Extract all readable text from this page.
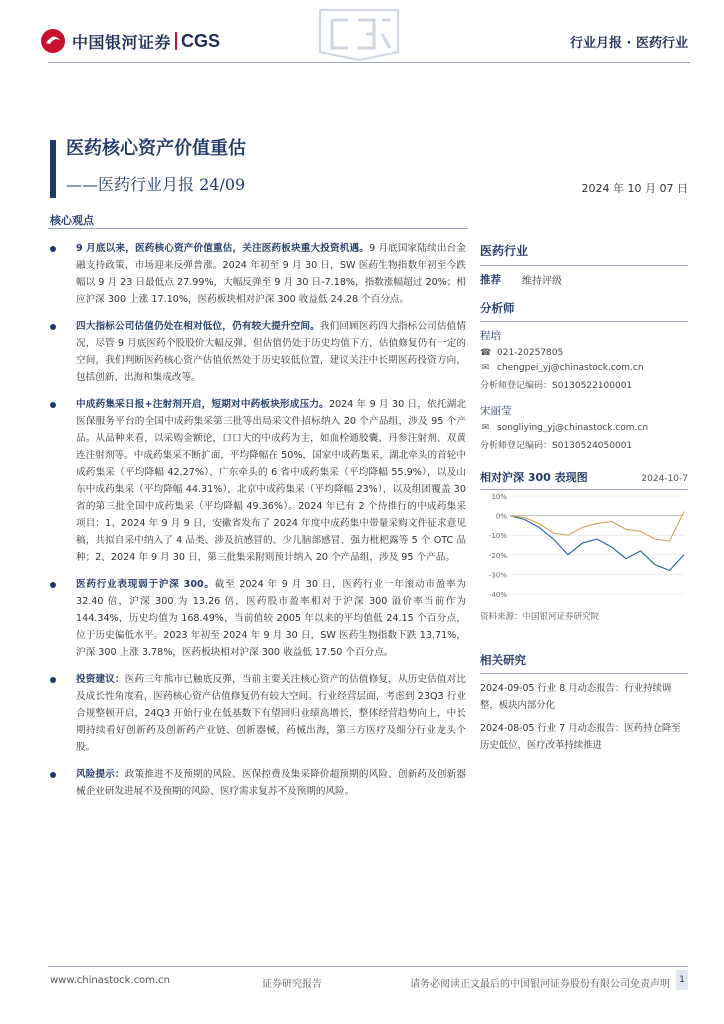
中国银河证券 CGS	行业月报 · 医药行业
医药核心资产价值重估
——医药行业月报 24/09	2024 年 10 月 07 日
核心观点
9 月底以来，医药核心资产价值重估，关注医药板块重大投资机遇。9 月底国家陆续出台金融支持政策，市场迎来反弹普涨。2024 年初至 9 月 30 日，SW 医药生物指数年初至今跌幅以 9 月 23 日最低点 27.99%，大幅反弹至 9 月 30 日-7.18%，指数涨幅超过 20%；相应沪深 300 上涨 17.10%，医药板块相对沪深 300 收益低 24.28 个百分点。
四大指标公司估值仍处在相对低位，仍有较大提升空间。我们回顾医药四大指标公司估值情况，尽管 9 月底医药个股股价大幅反弹，但估值仍处于历史均值下方，估值修复仍有一定的空间，我们判断医药核心资产估值依然处于历史较低位置，建议关注中长期医药投资方向，包括创新、出海和集成改等。
中成药集采日报+注射剂开启，短期对中药板块形成压力。2024 年 9 月 30 日，依托湖北医保服务平台的全国中成药集采第三批等出局采文件招标纳入 20 个产品组，涉及 95 个产品。从品种来看，以采购金额论，口口大的中成药为主，如血栓通胶囊、丹参注射剂、双黄连注射剂等。中成药集采不断扩面，平均降幅在 50%，国家中成药集采，湖北牵头的首轮中成药集采（平均降幅 42.27%）、广东牵头的 6 省中成药集采（平均降幅 55.9%），以及山东中成药集采（平均降幅 44.31%），北京中成药集采（平均降幅 23%），以及组团覆盖 30 省的第三批全国中成药集采（平均降幅 49.36%）。2024 年已有 2 个待推行的中成药集采项目：1、2024 年 9 月 9 日，安徽省发布了 2024 年度中成药集中带量采购文件征求意见稿，共拟自采中纳入了 4 品类、涉及抗感冒的、少儿脑部感冒、强力枇杷露等 5 个 OTC 品种；2、2024 年 9 月 30 日，第三批集采附则预计纳入 20 个产品组，涉及 95 个产品。
医药行业表现弱于沪深 300。截至 2024 年 9 月 30 日，医药行业一年滚动市盈率为 32.40 倍，沪深 300 为 13.26 倍，医药股市盈率相对于沪深 300 溢价率当前作为 144.34%，历史均值为 168.49%，当前值较 2005 年以来的平均值低 24.15 个百分点，位于历史偏低水平。2023 年初至 2024 年 9 月 30 日，SW 医药生物指数下跌 13.71%，沪深 300 上涨 3.78%，医药板块相对沪深 300 收益低 17.50 个百分点。
投资建议：医药三年熊市已触底反弹，当前主要关注核心资产的估值修复，从历史估值对比及成长性角度看，医药核心资产估值修复仍有较大空间。行业经营层面，考虑到 23Q3 行业合规整顿开启，24Q3 开始行业在低基数下有望回归业绩高增长，整体经营趋势向上，中长期持续看好创新药及创新药产业链、创新器械、药械出海，第三方医疗及细分行业龙头个股。
风险提示：政策推进不及预期的风险、医保控费及集采降价超预期的风险、创新药及创新器械企业研发进展不及预期的风险、医疗需求复苏不及预期的风险。
医药行业
推荐	维持评级
分析师
程培
☎ 021-20257805
✉ chengpei_yj@chinastock.com.cn
分析师登记编码：S0130522100001
宋丽莹
✉ songliying_yj@chinastock.com.cn
分析师登记编码：S0130524050001
相对沪深 300 表现图	2024-10-7
10%
0%
-10%
-20%
-30%
-40%
资料来源：中国银河证券研究院
相关研究
2024-09-05 行业 8 月动态报告：行业持续调整，板块内部分化
2024-08-05 行业 7 月动态报告：医药持仓降至历史低位，医疗改革持续推进
www.chinastock.com.cn	证券研究报告	请务必阅读正文最后的中国银河证券股份有限公司免责声明	1
